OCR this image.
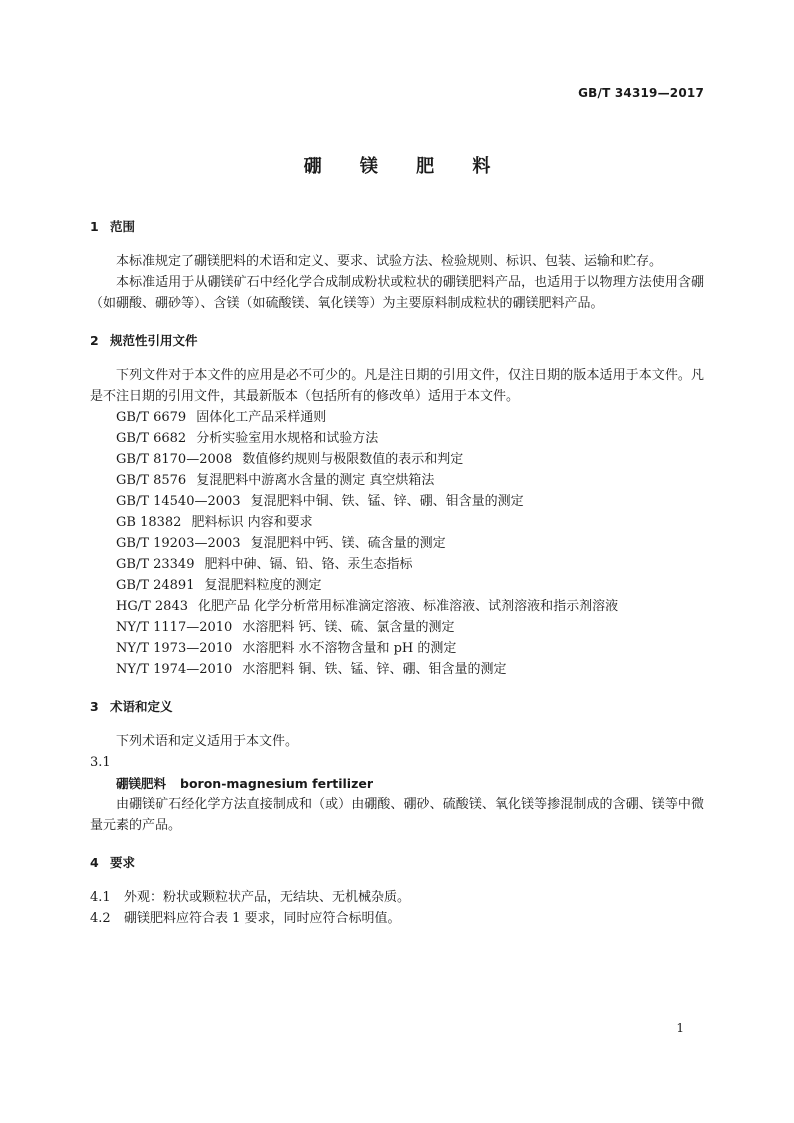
GB/T 34319—2017
硼 镁 肥 料
1 范围
本标准规定了硼镁肥料的术语和定义、要求、试验方法、检验规则、标识、包装、运输和贮存。
本标准适用于从硼镁矿石中经化学合成制成粉状或粒状的硼镁肥料产品，也适用于以物理方法使用含硼（如硼酸、硼砂等）、含镁（如硫酸镁、氧化镁等）为主要原料制成粒状的硼镁肥料产品。
2 规范性引用文件
下列文件对于本文件的应用是必不可少的。凡是注日期的引用文件，仅注日期的版本适用于本文件。凡是不注日期的引用文件，其最新版本（包括所有的修改单）适用于本文件。
GB/T 6679 固体化工产品采样通则
GB/T 6682 分析实验室用水规格和试验方法
GB/T 8170—2008 数值修约规则与极限数值的表示和判定
GB/T 8576 复混肥料中游离水含量的测定 真空烘箱法
GB/T 14540—2003 复混肥料中铜、铁、锰、锌、硼、钼含量的测定
GB 18382 肥料标识 内容和要求
GB/T 19203—2003 复混肥料中钙、镁、硫含量的测定
GB/T 23349 肥料中砷、镉、铅、铬、汞生态指标
GB/T 24891 复混肥料粒度的测定
HG/T 2843 化肥产品 化学分析常用标准滴定溶液、标准溶液、试剂溶液和指示剂溶液
NY/T 1117—2010 水溶肥料 钙、镁、硫、氯含量的测定
NY/T 1973—2010 水溶肥料 水不溶物含量和 pH 的测定
NY/T 1974—2010 水溶肥料 铜、铁、锰、锌、硼、钼含量的测定
3 术语和定义
下列术语和定义适用于本文件。
3.1
硼镁肥料 boron-magnesium fertilizer
由硼镁矿石经化学方法直接制成和（或）由硼酸、硼砂、硫酸镁、氧化镁等掺混制成的含硼、镁等中微量元素的产品。
4 要求
4.1 外观：粉状或颗粒状产品，无结块、无机械杂质。
4.2 硼镁肥料应符合表 1 要求，同时应符合标明值。
1
